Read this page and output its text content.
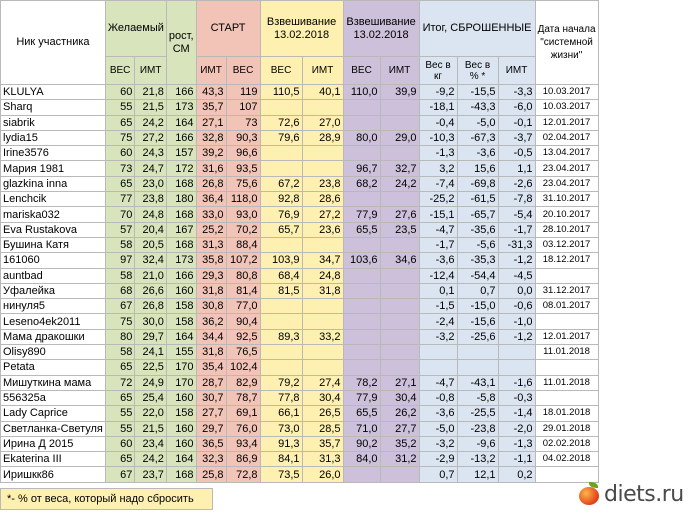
Ник участника	Желаемый		рост, СМ	СТАРТ		Взвешивание 13.02.2018		Взвешивание 13.02.2018		Итог, СБРОШЕННЫЕ			Дата начала "системной жизни"
	ВЕС	ИМТ		ИМТ	ВЕС	ВЕС	ИМТ	ВЕС	ИМТ	Вес в кг	Вес в % *	ИМТ	
KLULYA	60	21,8	166	43,3	119	110,5	40,1	110,0	39,9	-9,2	-15,5	-3,3	10.03.2017
Sharq	55	21,5	173	35,7	107					-18,1	-43,3	-6,0	10.03.2017
siabrik	65	24,2	164	27,1	73	72,6	27,0			-0,4	-5,0	-0,1	12.01.2017
lydia15	75	27,2	166	32,8	90,3	79,6	28,9	80,0	29,0	-10,3	-67,3	-3,7	02.04.2017
Irine3576	60	24,3	157	39,2	96,6					-1,3	-3,6	-0,5	13.04.2017
Мария 1981	73	24,7	172	31,6	93,5			96,7	32,7	3,2	15,6	1,1	23.04.2017
glazkina inna	65	23,0	168	26,8	75,6	67,2	23,8	68,2	24,2	-7,4	-69,8	-2,6	23.04.2017
Lenchcik	77	23,8	180	36,4	118,0	92,8	28,6			-25,2	-61,5	-7,8	31.10.2017
mariska032	70	24,8	168	33,0	93,0	76,9	27,2	77,9	27,6	-15,1	-65,7	-5,4	20.10.2017
Eva Rustakova	57	20,4	167	25,2	70,2	65,7	23,6	65,5	23,5	-4,7	-35,6	-1,7	28.10.2017
Бушина Катя	58	20,5	168	31,3	88,4					-1,7	-5,6	-31,3	03.12.2017
161060	97	32,4	173	35,8	107,2	103,9	34,7	103,6	34,6	-3,6	-35,3	-1,2	18.12.2017
auntbad	58	21,0	166	29,3	80,8	68,4	24,8			-12,4	-54,4	-4,5	
Уфалейка	68	26,6	160	31,8	81,4	81,5	31,8			0,1	0,7	0,0	31.12.2017
нинуля5	67	26,8	158	30,8	77,0					-1,5	-15,0	-0,6	08.01.2017
Leseno4ek2011	75	30,0	158	36,2	90,4					-2,4	-15,6	-1,0	
Мама дракошки	80	29,7	164	34,4	92,5	89,3	33,2			-3,2	-25,6	-1,2	12.01.2017
Olisy890	58	24,1	155	31,8	76,5								11.01.2018
Petata	65	22,5	170	35,4	102,4								
Мишуткина мама	72	24,9	170	28,7	82,9	79,2	27,4	78,2	27,1	-4,7	-43,1	-1,6	11.01.2018
556325a	65	25,4	160	30,7	78,7	77,8	30,4	77,9	30,4	-0,8	-5,8	-0,3	
Lady Caprice	55	22,0	158	27,7	69,1	66,1	26,5	65,5	26,2	-3,6	-25,5	-1,4	18.01.2018
Светланка-Светуля	55	21,5	160	29,7	76,0	73,0	28,5	71,0	27,7	-5,0	-23,8	-2,0	29.01.2018
Ирина Д 2015	60	23,4	160	36,5	93,4	91,3	35,7	90,2	35,2	-3,2	-9,6	-1,3	02.02.2018
Ekaterina III	65	24,2	164	32,3	86,9	84,1	31,3	84,0	31,2	-2,9	-13,2	-1,1	04.02.2018
Иришкк86	67	23,7	168	25,8	72,8	73,5	26,0			0,7	12,1	0,2	
*- % от веса, который надо сбросить	diets.ru
